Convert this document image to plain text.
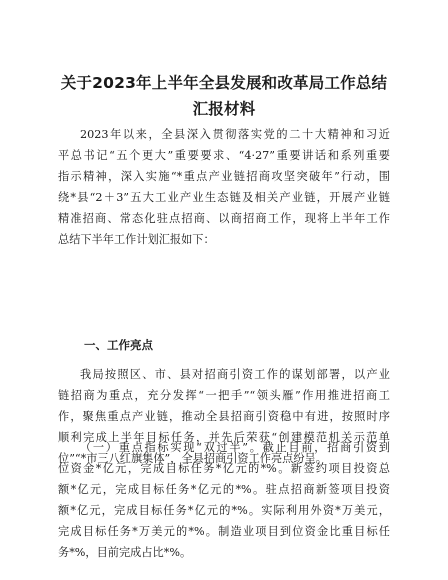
关于2023年上半年全县发展和改革局工作总结
汇报材料
2023年以来，全县深入贯彻落实党的二十大精神和习近
平总书记“五个更大”重要要求、“4·27”重要讲话和系列重要
指示精神，深入实施“*重点产业链招商攻坚突破年”行动，围
绕*县“2＋3”五大工业产业生态链及相关产业链，开展产业链
精准招商、常态化驻点招商、以商招商工作，现将上半年工作
总结下半年工作计划汇报如下：
一、工作亮点
我局按照区、市、县对招商引资工作的谋划部署，以产业
链招商为重点，充分发挥“一把手”“领头雁”作用推进招商工
作，聚焦重点产业链，推动全县招商引资稳中有进，按照时序
顺利完成上半年目标任务，并先后荣获“创建模范机关示范单
位”“*市三八红旗集体”，全县招商引资工作亮点纷呈。
（一）重点指标实现“双过半”。截止目前，招商引资到
位资金*亿元，完成目标任务*亿元的*%。新签约项目投资总
额*亿元，完成目标任务*亿元的*%。驻点招商新签项目投资
额*亿元，完成目标任务*亿元的*%。实际利用外资*万美元，
完成目标任务*万美元的*%。制造业项目到位资金比重目标任
务*%，目前完成占比*%。
